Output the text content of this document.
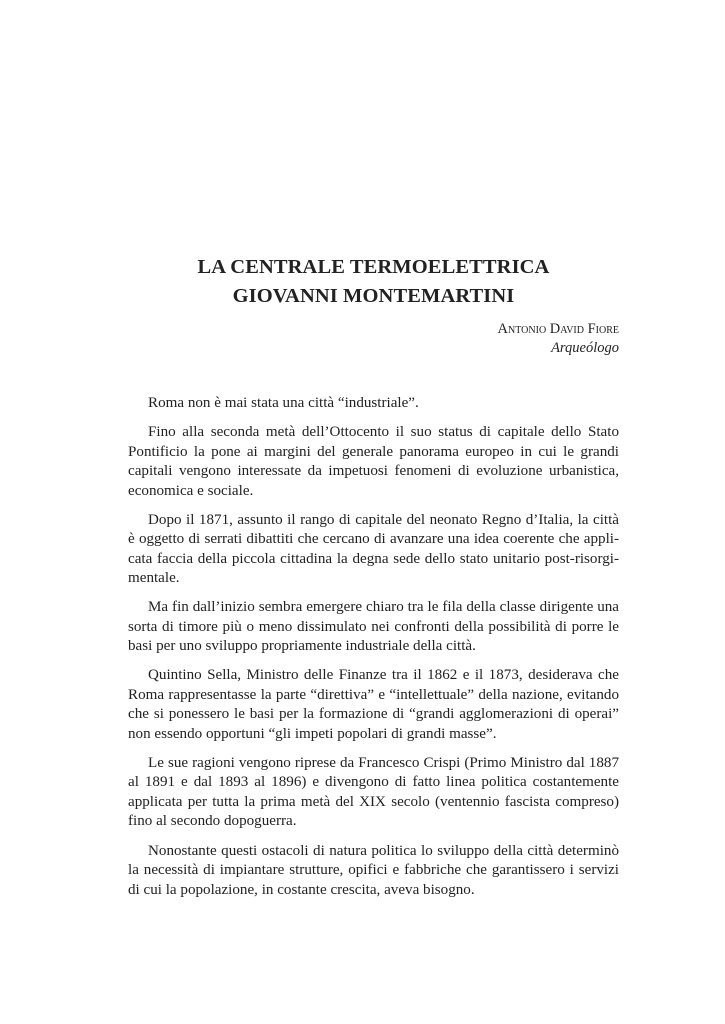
LA CENTRALE TERMOELETTRICA
GIOVANNI MONTEMARTINI
Antonio David Fiore
Arqueólogo

Roma non è mai stata una città “industriale”.

Fino alla seconda metà dell’Ottocento il suo status di capitale dello Stato Pontificio la pone ai margini del generale panorama europeo in cui le grandi capitali vengono interessate da impetuosi fenomeni di evoluzione urbanistica, economica e sociale.

Dopo il 1871, assunto il rango di capitale del neonato Regno d’Italia, la città è oggetto di serrati dibattiti che cercano di avanzare una idea coerente che applicata faccia della piccola cittadina la degna sede dello stato unitario post-risorgimentale.

Ma fin dall’inizio sembra emergere chiaro tra le fila della classe dirigente una sorta di timore più o meno dissimulato nei confronti della possibilità di porre le basi per uno sviluppo propriamente industriale della città.

Quintino Sella, Ministro delle Finanze tra il 1862 e il 1873, desiderava che Roma rappresentasse la parte “direttiva” e “intellettuale” della nazione, evitando che si ponessero le basi per la formazione di “grandi agglomerazioni di operai” non essendo opportuni “gli impeti popolari di grandi masse”.

Le sue ragioni vengono riprese da Francesco Crispi (Primo Ministro dal 1887 al 1891 e dal 1893 al 1896) e divengono di fatto linea politica costantemente applicata per tutta la prima metà del XIX secolo (ventennio fascista compreso) fino al secondo dopoguerra.

Nonostante questi ostacoli di natura politica lo sviluppo della città determinò la necessità di impiantare strutture, opifici e fabbriche che garantissero i servizi di cui la popolazione, in costante crescita, aveva bisogno.
